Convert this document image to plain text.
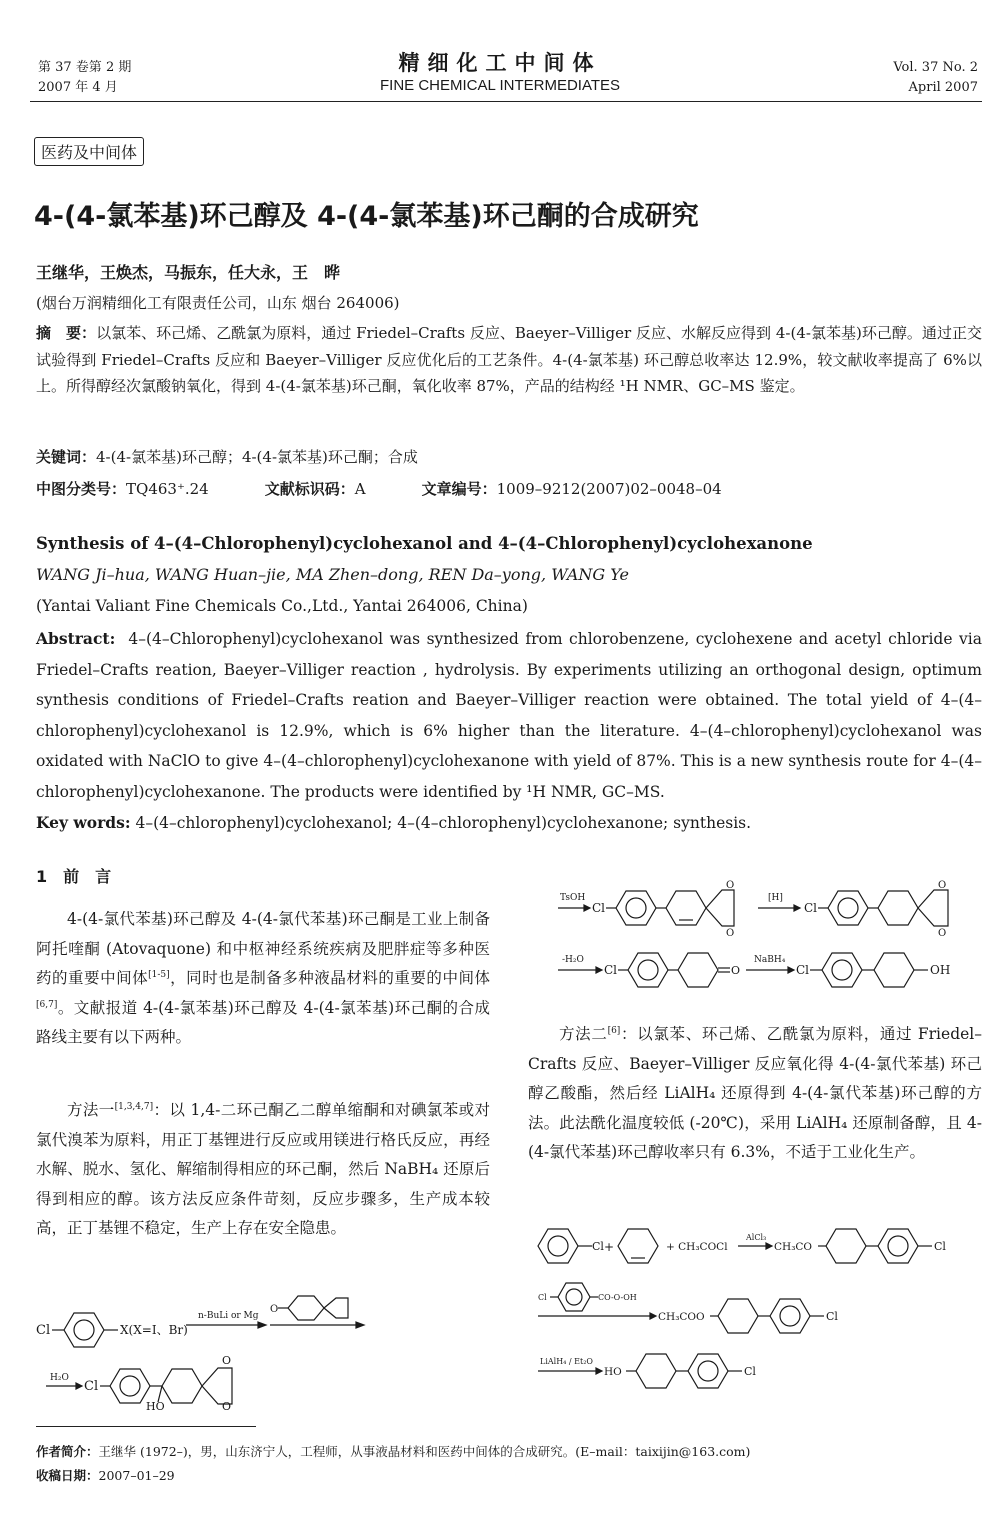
第 37 卷第 2 期
2007 年 4 月
精细化工中间体
FINE CHEMICAL INTERMEDIATES
Vol. 37 No. 2
April 2007
医药及中间体
4-(4-氯苯基)环己醇及 4-(4-氯苯基)环己酮的合成研究
王继华，王焕杰，马振东，任大永，王　晔
(烟台万润精细化工有限责任公司，山东 烟台 264006)
摘　要：以氯苯、环己烯、乙酰氯为原料，通过 Friedel–Crafts 反应、Baeyer–Villiger 反应、水解反应得到 4-(4-氯苯基)环己醇。通过正交试验得到 Friedel–Crafts 反应和 Baeyer–Villiger 反应优化后的工艺条件。4-(4-氯苯基) 环己醇总收率达 12.9%，较文献收率提高了 6%以上。所得醇经次氯酸钠氧化，得到 4-(4-氯苯基)环己酮，氧化收率 87%，产品的结构经 ¹H NMR、GC–MS 鉴定。
关键词：4-(4-氯苯基)环己醇；4-(4-氯苯基)环己酮；合成
中图分类号：TQ463⁺.24	文献标识码：A	文章编号：1009–9212(2007)02–0048–04
Synthesis of 4–(4–Chlorophenyl)cyclohexanol and 4–(4–Chlorophenyl)cyclohexanone
WANG Ji–hua, WANG Huan–jie, MA Zhen–dong, REN Da–yong, WANG Ye
(Yantai Valiant Fine Chemicals Co.,Ltd., Yantai 264006, China)
Abstract: 4–(4–Chlorophenyl)cyclohexanol was synthesized from chlorobenzene, cyclohexene and acetyl chloride via Friedel–Crafts reation, Baeyer–Villiger reaction , hydrolysis. By experiments utilizing an orthogonal design, optimum synthesis conditions of Friedel–Crafts reation and Baeyer–Villiger reaction were obtained. The total yield of 4–(4–chlorophenyl)cyclohexanol is 12.9%, which is 6% higher than the literature. 4–(4–chlorophenyl)cyclohexanol was oxidated with NaClO to give 4–(4–chlorophenyl)cyclohexanone with yield of 87%. This is a new synthesis route for 4–(4–chlorophenyl)cyclohexanone. The products were identified by ¹H NMR, GC–MS.
Key words: 4–(4–chlorophenyl)cyclohexanol; 4–(4–chlorophenyl)cyclohexanone; synthesis.
1　前　言
4-(4-氯代苯基)环己醇及 4-(4-氯代苯基)环己酮是工业上制备阿托喹酮 (Atovaquone) 和中枢神经系统疾病及肥胖症等多种医药的重要中间体[1-5]，同时也是制备多种液晶材料的重要的中间体[6,7]。文献报道 4-(4-氯苯基)环己醇及 4-(4-氯苯基)环己酮的合成路线主要有以下两种。
方法一[1,3,4,7]：以 1,4-二环己酮乙二醇单缩酮和对碘氯苯或对氯代溴苯为原料，用正丁基锂进行反应或用镁进行格氏反应，再经水解、脱水、氢化、解缩制得相应的环己酮，然后 NaBH₄ 还原后得到相应的醇。该方法反应条件苛刻，反应步骤多，生产成本较高，正丁基锂不稳定，生产上存在安全隐患。
方法二[6]：以氯苯、环己烯、乙酰氯为原料，通过 Friedel–Crafts 反应、Baeyer–Villiger 反应氧化得 4-(4-氯代苯基) 环己醇乙酸酯，然后经 LiAlH₄ 还原得到 4-(4-氯代苯基)环己醇的方法。此法酰化温度较低 (-20℃)，采用 LiAlH₄ 还原制备醇，且 4-(4-氯代苯基)环己醇收率只有 6.3%，不适于工业化生产。
Cl	X(X=I、Br)
n-BuLi or Mg
O
H₂O
Cl
O
O
HO
TsOH
Cl
O
O
[H]
Cl
O
O
-H₂O
Cl	O
NaBH₄
Cl	OH
Cl +	+ CH₃COCl
AlCl₃
CH₃CO	Cl
Cl	CO-O-OH
CH₃COO	Cl
LiAlH₄ / Et₂O
HO	Cl
作者简介：王继华 (1972–)，男，山东济宁人，工程师，从事液晶材料和医药中间体的合成研究。(E–mail：taixijin@163.com)
收稿日期：2007–01–29
